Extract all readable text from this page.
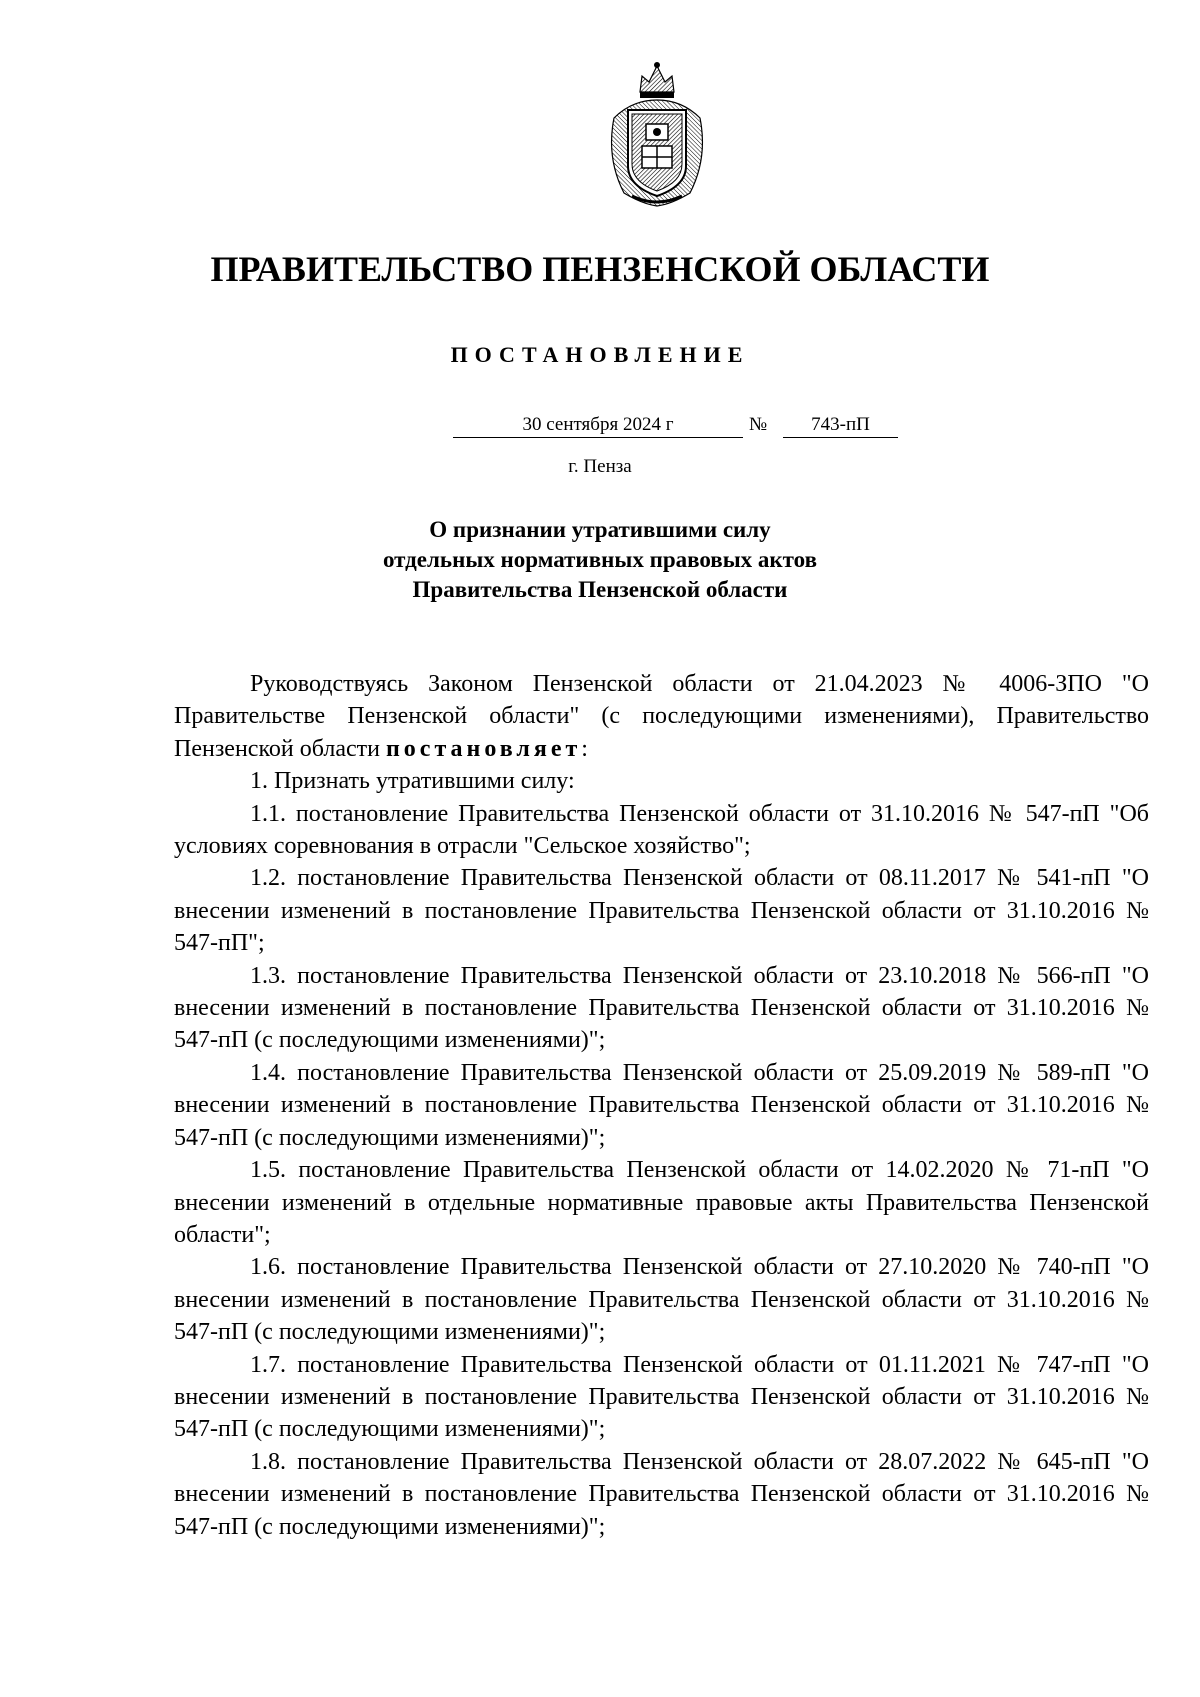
ПРАВИТЕЛЬСТВО ПЕНЗЕНСКОЙ ОБЛАСТИ
ПОСТАНОВЛЕНИЕ
30 сентября 2024 г	№	743-пП
г. Пенза
О признании утратившими силу
отдельных нормативных правовых актов
Правительства Пензенской области

Руководствуясь Законом Пензенской области от 21.04.2023 № 4006-ЗПО "О Правительстве Пензенской области" (с последующими изменениями), Правительство Пензенской области постановляет:

1. Признать утратившими силу:

1.1. постановление Правительства Пензенской области от 31.10.2016 № 547-пП "Об условиях соревнования в отрасли "Сельское хозяйство";

1.2. постановление Правительства Пензенской области от 08.11.2017 № 541-пП "О внесении изменений в постановление Правительства Пензенской области от 31.10.2016 № 547-пП";

1.3. постановление Правительства Пензенской области от 23.10.2018 № 566-пП "О внесении изменений в постановление Правительства Пензенской области от 31.10.2016 № 547-пП (с последующими изменениями)";

1.4. постановление Правительства Пензенской области от 25.09.2019 № 589-пП "О внесении изменений в постановление Правительства Пензенской области от 31.10.2016 № 547-пП (с последующими изменениями)";

1.5. постановление Правительства Пензенской области от 14.02.2020 № 71-пП "О внесении изменений в отдельные нормативные правовые акты Правительства Пензенской области";

1.6. постановление Правительства Пензенской области от 27.10.2020 № 740-пП "О внесении изменений в постановление Правительства Пензенской области от 31.10.2016 № 547-пП (с последующими изменениями)";

1.7. постановление Правительства Пензенской области от 01.11.2021 № 747-пП "О внесении изменений в постановление Правительства Пензенской области от 31.10.2016 № 547-пП (с последующими изменениями)";

1.8. постановление Правительства Пензенской области от 28.07.2022 № 645-пП "О внесении изменений в постановление Правительства Пензенской области от 31.10.2016 № 547-пП (с последующими изменениями)";
